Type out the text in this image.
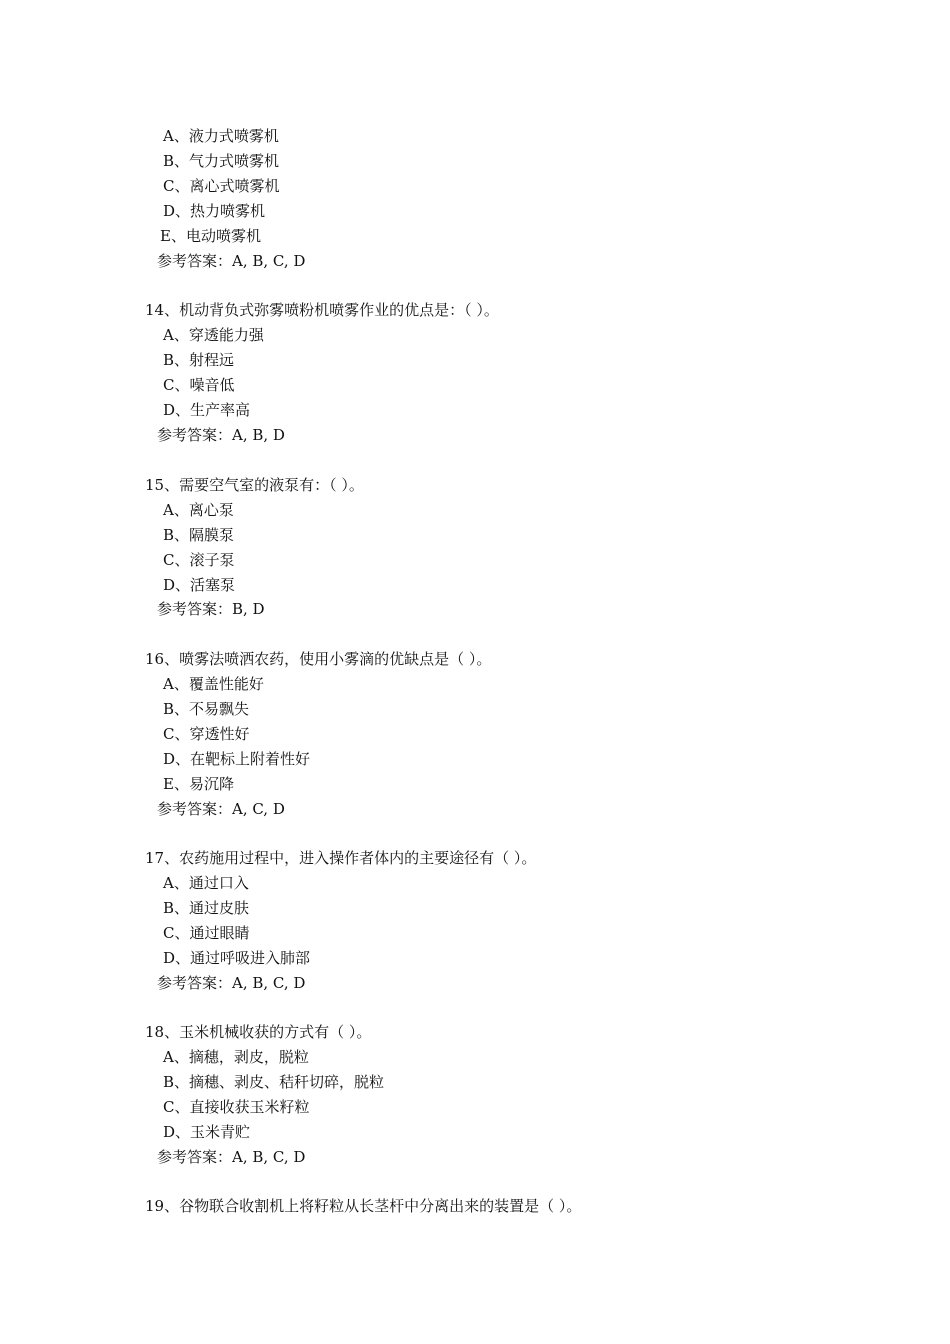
A、液力式喷雾机
B、气力式喷雾机
C、离心式喷雾机
D、热力喷雾机
E、电动喷雾机
参考答案：A, B, C, D
14、机动背负式弥雾喷粉机喷雾作业的优点是：（ ）。
A、穿透能力强
B、射程远
C、噪音低
D、生产率高
参考答案：A, B, D
15、需要空气室的液泵有：（ ）。
A、离心泵
B、隔膜泵
C、滚子泵
D、活塞泵
参考答案：B, D
16、喷雾法喷洒农药，使用小雾滴的优缺点是（ ）。
A、覆盖性能好
B、不易飘失
C、穿透性好
D、在靶标上附着性好
E、易沉降
参考答案：A, C, D
17、农药施用过程中，进入操作者体内的主要途径有（ ）。
A、通过口入
B、通过皮肤
C、通过眼睛
D、通过呼吸进入肺部
参考答案：A, B, C, D
18、玉米机械收获的方式有（ ）。
A、摘穗，剥皮，脱粒
B、摘穗、剥皮、秸秆切碎，脱粒
C、直接收获玉米籽粒
D、玉米青贮
参考答案：A, B, C, D
19、谷物联合收割机上将籽粒从长茎杆中分离出来的装置是（ ）。
